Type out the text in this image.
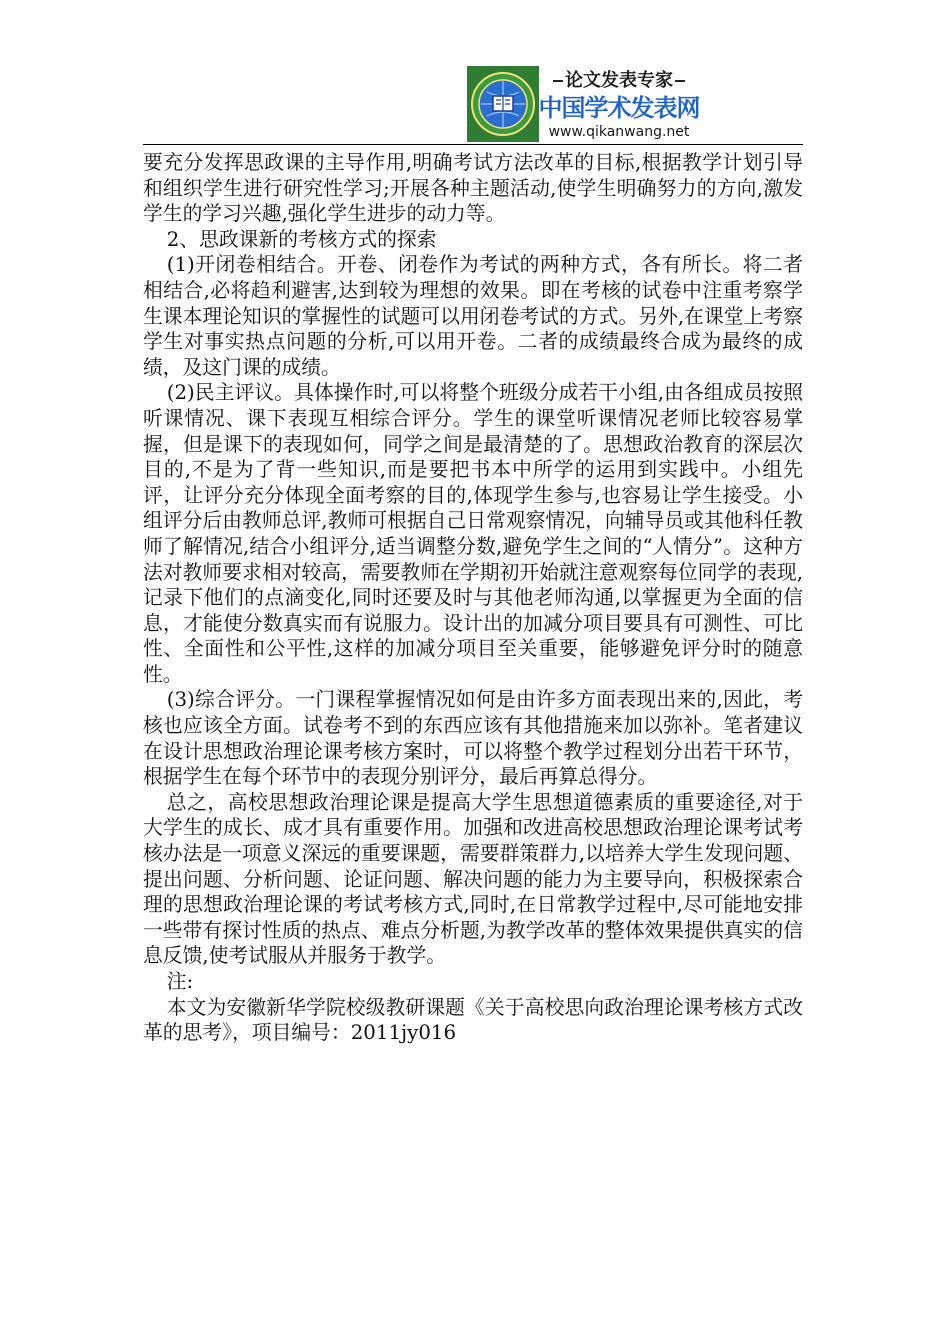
论文发表专家
中国学术发表网
www.qikanwang.net

要充分发挥思政课的主导作用,明确考试方法改革的目标,根据教学计划引导和组织学生进行研究性学习;开展各种主题活动,使学生明确努力的方向,激发学生的学习兴趣,强化学生进步的动力等。

2、思政课新的考核方式的探索

(1)开闭卷相结合。开卷、闭卷作为考试的两种方式，各有所长。将二者相结合,必将趋利避害,达到较为理想的效果。即在考核的试卷中注重考察学生课本理论知识的掌握性的试题可以用闭卷考试的方式。另外,在课堂上考察学生对事实热点问题的分析,可以用开卷。二者的成绩最终合成为最终的成绩，及这门课的成绩。

(2)民主评议。具体操作时,可以将整个班级分成若干小组,由各组成员按照听课情况、课下表现互相综合评分。学生的课堂听课情况老师比较容易掌握，但是课下的表现如何，同学之间是最清楚的了。思想政治教育的深层次目的,不是为了背一些知识,而是要把书本中所学的运用到实践中。小组先评，让评分充分体现全面考察的目的,体现学生参与,也容易让学生接受。小组评分后由教师总评,教师可根据自己日常观察情况，向辅导员或其他科任教师了解情况,结合小组评分,适当调整分数,避免学生之间的“人情分”。这种方法对教师要求相对较高，需要教师在学期初开始就注意观察每位同学的表现,记录下他们的点滴变化,同时还要及时与其他老师沟通,以掌握更为全面的信息，才能使分数真实而有说服力。设计出的加减分项目要具有可测性、可比性、全面性和公平性,这样的加减分项目至关重要，能够避免评分时的随意性。

(3)综合评分。一门课程掌握情况如何是由许多方面表现出来的,因此，考核也应该全方面。试卷考不到的东西应该有其他措施来加以弥补。笔者建议在设计思想政治理论课考核方案时，可以将整个教学过程划分出若干环节，根据学生在每个环节中的表现分别评分，最后再算总得分。

总之，高校思想政治理论课是提高大学生思想道德素质的重要途径,对于大学生的成长、成才具有重要作用。加强和改进高校思想政治理论课考试考核办法是一项意义深远的重要课题，需要群策群力,以培养大学生发现问题、提出问题、分析问题、论证问题、解决问题的能力为主要导向，积极探索合理的思想政治理论课的考试考核方式,同时,在日常教学过程中,尽可能地安排一些带有探讨性质的热点、难点分析题,为教学改革的整体效果提供真实的信息反馈,使考试服从并服务于教学。

注:

本文为安徽新华学院校级教研课题《关于高校思向政治理论课考核方式改革的思考》，项目编号：2011jy016
